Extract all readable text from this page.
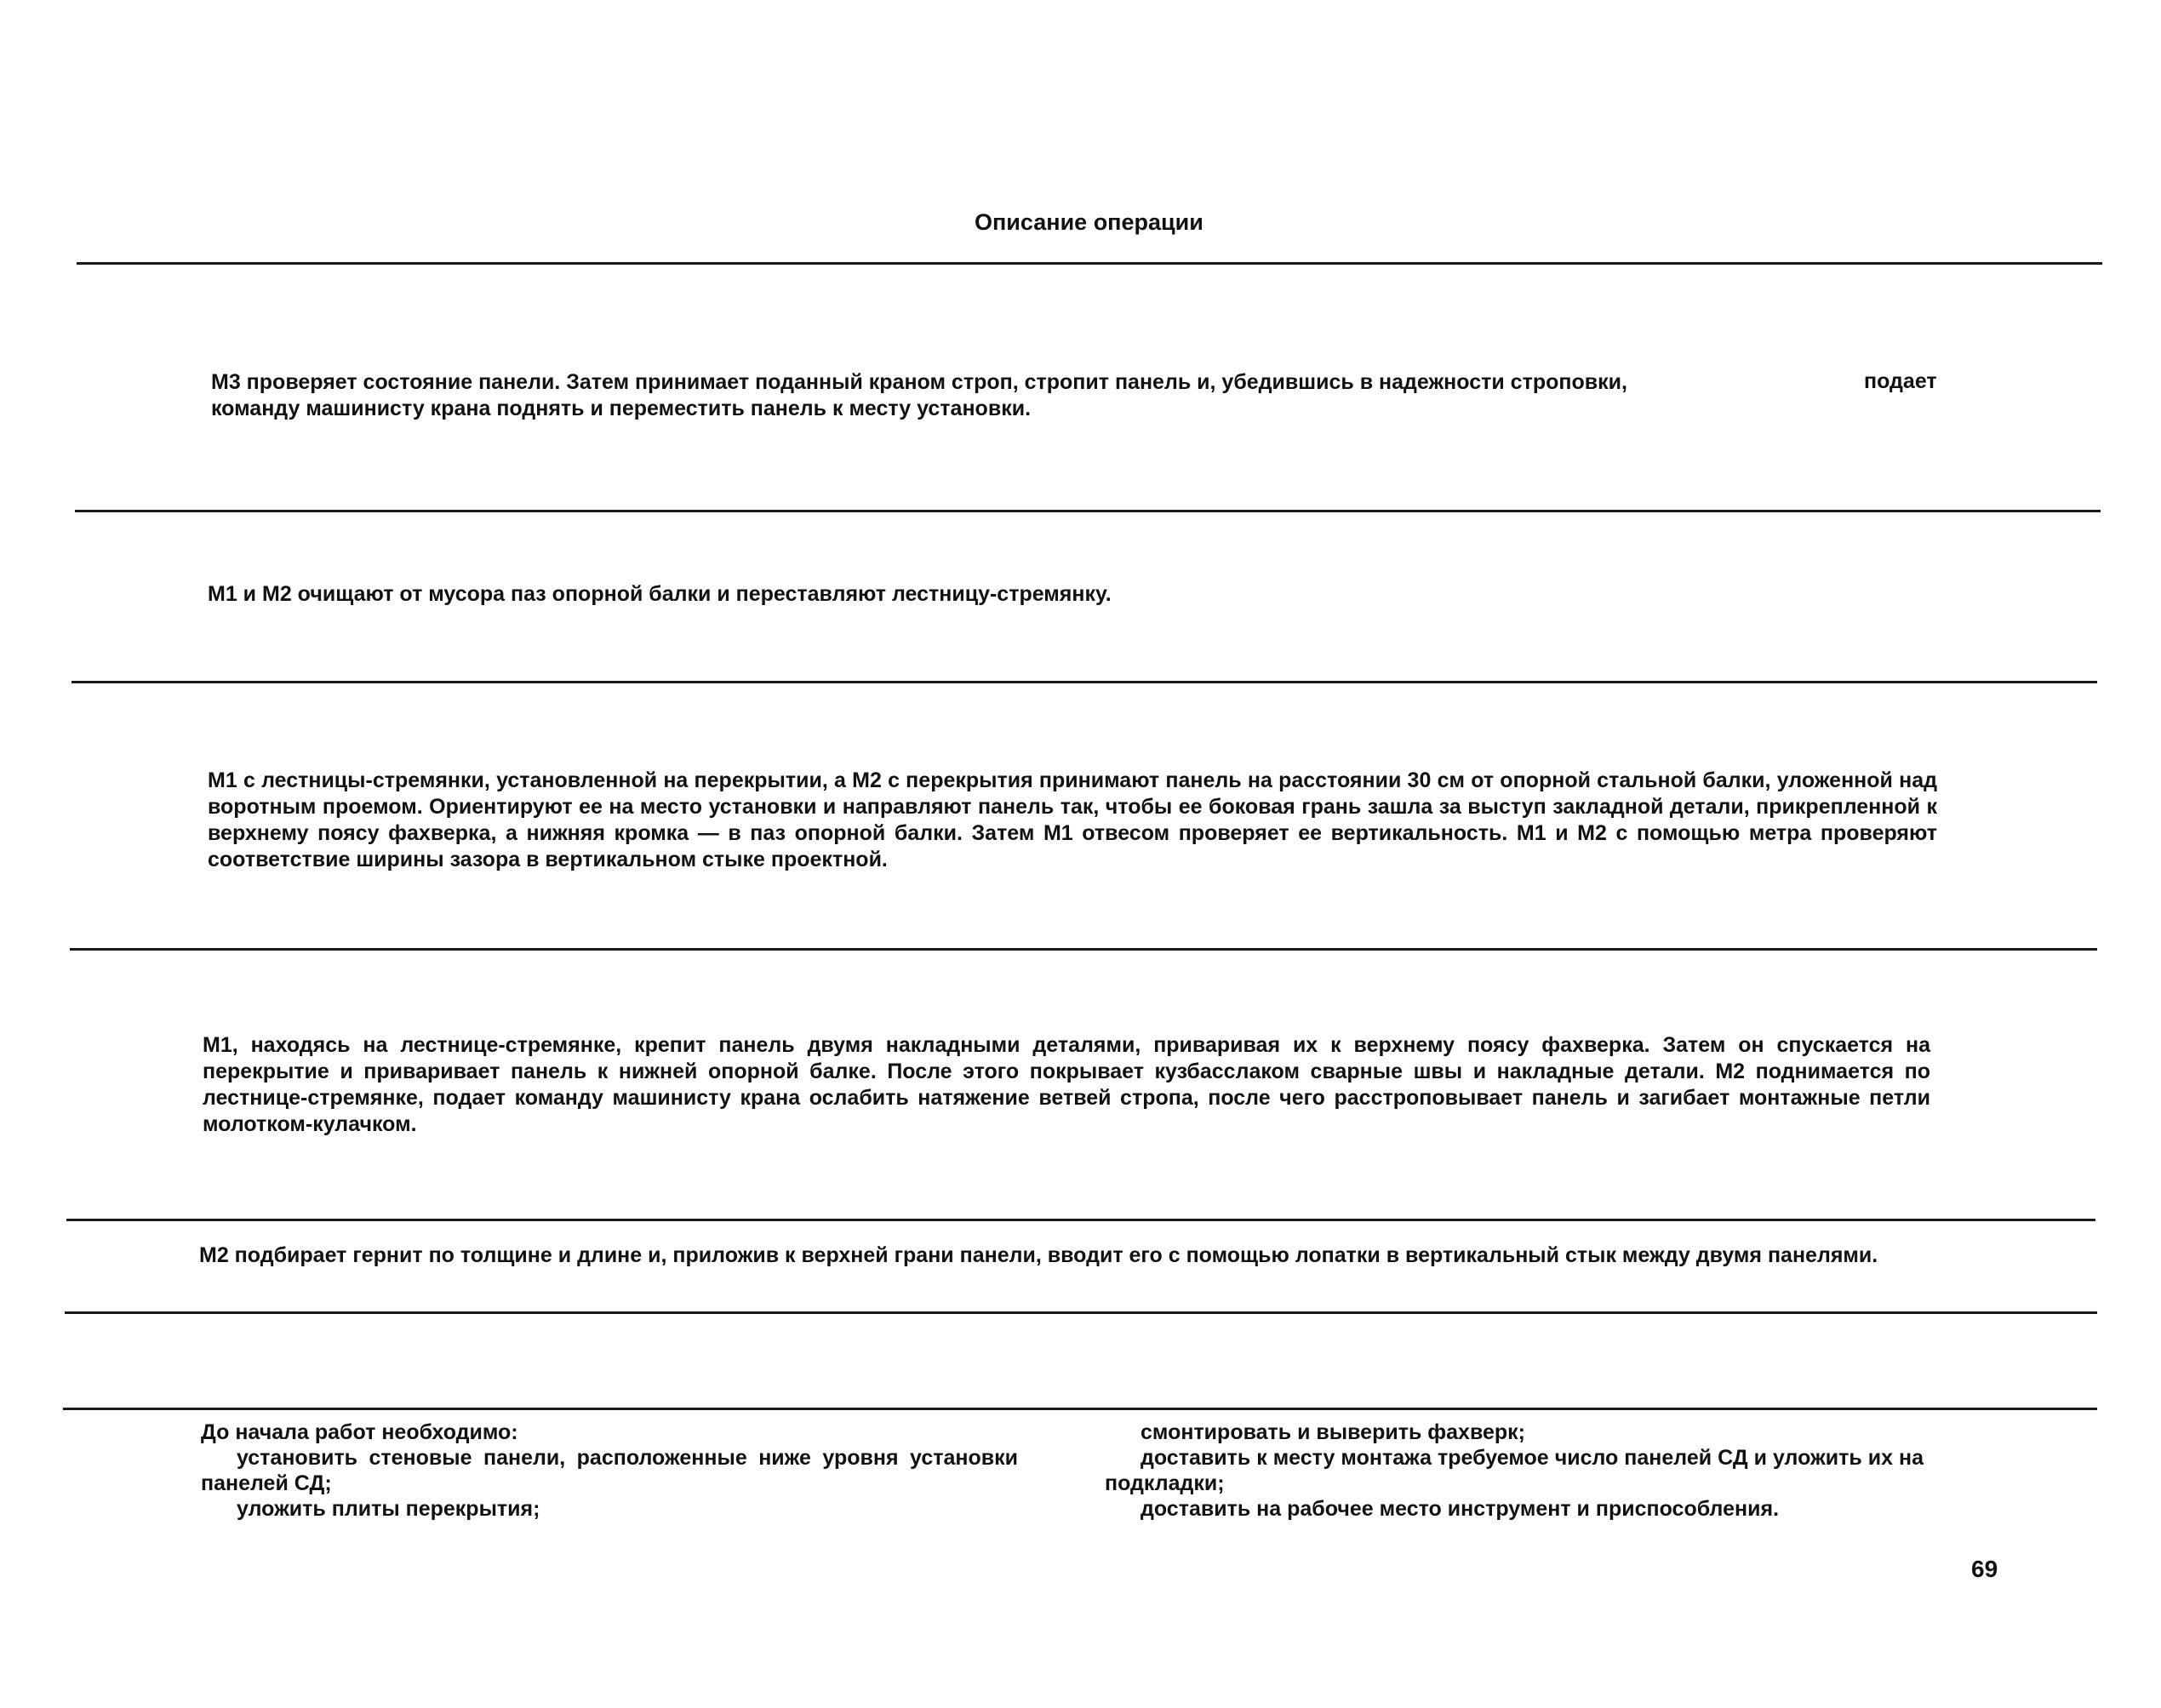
Описание операции

М3 проверяет состояние панели. Затем принимает поданный краном строп, стропит панель и, убедившись в надежности строповки,
команду машинисту крана поднять и переместить панель к месту установки.

подает

М1 и М2 очищают от мусора паз опорной балки и переставляют лестницу-стремянку.

М1 с лестницы-стремянки, установленной на перекрытии, а М2 с перекрытия принимают панель на расстоянии 30 см от опорной стальной балки, уложенной над воротным проемом. Ориентируют ее на место установки и направляют панель так, чтобы ее боковая грань зашла за выступ закладной детали, прикрепленной к верхнему поясу фахверка, а нижняя кромка — в паз опорной балки. Затем М1 отвесом проверяет ее вертикальность. М1 и М2 с помощью метра проверяют соответствие ширины зазора в вертикальном стыке проектной.

М1, находясь на лестнице-стремянке, крепит панель двумя накладными деталями, приваривая их к верхнему поясу фахверка. Затем он спускается на перекрытие и приваривает панель к нижней опорной балке. После этого покрывает кузбасслаком сварные швы и накладные детали. М2 поднимается по лестнице-стремянке, подает команду машинисту крана ослабить натяжение ветвей стропа, после чего расстроповывает панель и загибает монтажные петли молотком-кулачком.

М2 подбирает гернит по толщине и длине и, приложив к верхней грани панели, вводит его с помощью лопатки в вертикальный стык между двумя панелями.

До начала работ необходимо:

установить стеновые панели, расположенные ниже уровня установки панелей СД;

уложить плиты перекрытия;

смонтировать и выверить фахверк;

доставить к месту монтажа требуемое число панелей СД и уложить их на подкладки;

доставить на рабочее место инструмент и приспособления.

69
